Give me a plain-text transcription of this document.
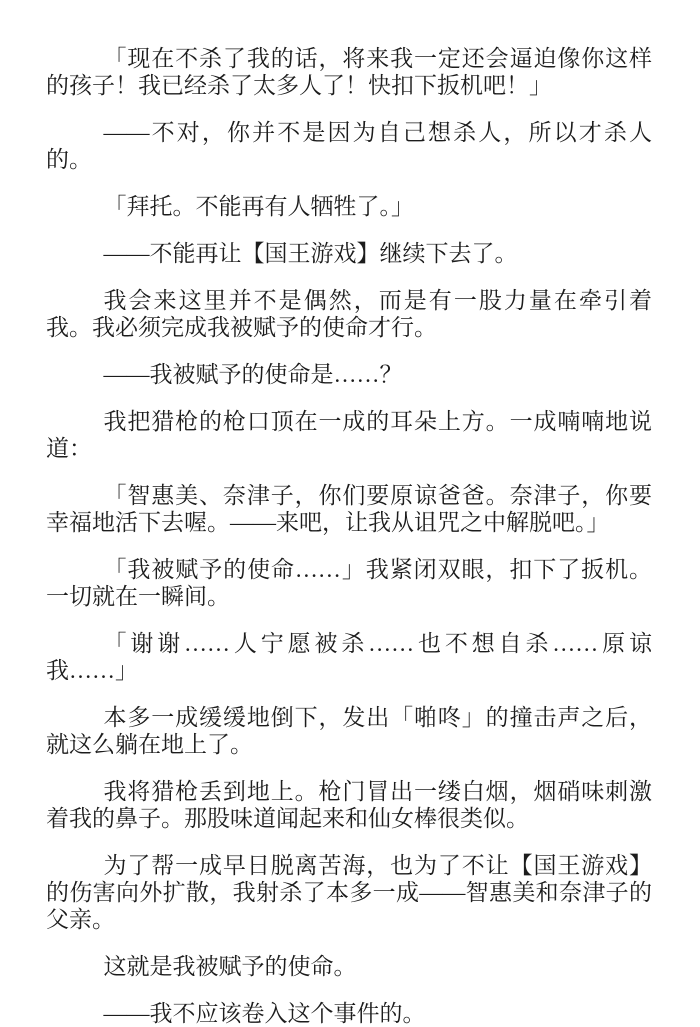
「现在不杀了我的话，将来我一定还会逼迫像你这样的孩子！我已经杀了太多人了！快扣下扳机吧！」

——不对，你并不是因为自己想杀人，所以才杀人的。

「拜托。不能再有人牺牲了。」

——不能再让【国王游戏】继续下去了。

我会来这里并不是偶然，而是有一股力量在牵引着我。我必须完成我被赋予的使命才行。

——我被赋予的使命是……？

我把猎枪的枪口顶在一成的耳朵上方。一成喃喃地说道：

「智惠美、奈津子，你们要原谅爸爸。奈津子，你要幸福地活下去喔。——来吧，让我从诅咒之中解脱吧。」

「我被赋予的使命……」我紧闭双眼，扣下了扳机。一切就在一瞬间。

「谢谢……人宁愿被杀……也不想自杀……原谅我……」

本多一成缓缓地倒下，发出「啪咚」的撞击声之后，就这么躺在地上了。

我将猎枪丢到地上。枪门冒出一缕白烟，烟硝味刺激着我的鼻子。那股味道闻起来和仙女棒很类似。

为了帮一成早日脱离苦海，也为了不让【国王游戏】的伤害向外扩散，我射杀了本多一成——智惠美和奈津子的父亲。

这就是我被赋予的使命。

——我不应该卷入这个事件的。
